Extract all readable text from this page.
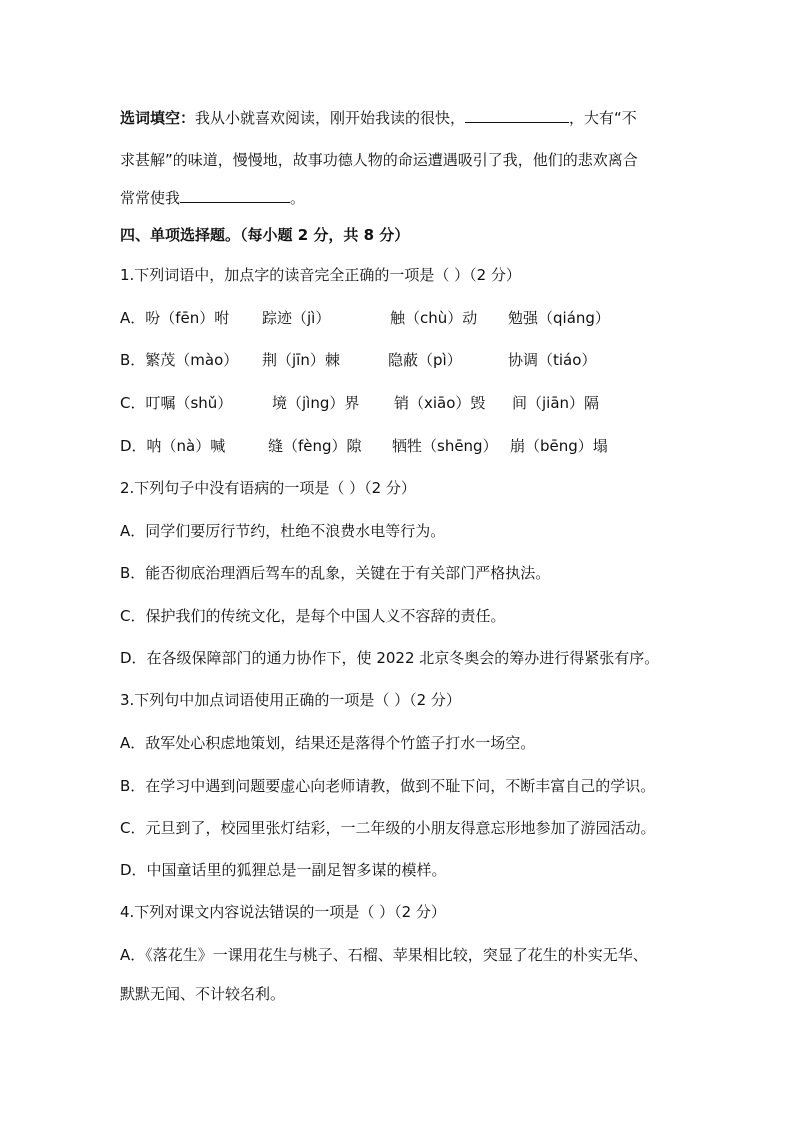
选词填空：我从小就喜欢阅读，刚开始我读的很快，	，大有“不
求甚解”的味道，慢慢地，故事功德人物的命运遭遇吸引了我，他们的悲欢离合
常常使我	。
四、单项选择题。（每小题 2 分，共 8 分）
1.下列词语中，加点字的读音完全正确的一项是（ ）（2 分）
A．吩（fēn）咐 踪迹（jì）	触（chù）动 勉强（qiáng）
B．繁茂（mào） 荆（jīn）棘	隐蔽（pì）	协调（tiáo）
C．叮嘱（shǔ）	境（jìng）界 销（xiāo）毁 间（jiān）隔
D．呐（nà）喊	缝（fèng）隙 牺牲（shēng） 崩（bēng）塌
2.下列句子中没有语病的一项是（ ）（2 分）
A．同学们要厉行节约，杜绝不浪费水电等行为。
B．能否彻底治理酒后驾车的乱象，关键在于有关部门严格执法。
C．保护我们的传统文化，是每个中国人义不容辞的责任。
D．在各级保障部门的通力协作下，使 2022 北京冬奥会的筹办进行得紧张有序。
3.下列句中加点词语使用正确的一项是（ ）（2 分）
A．敌军处心积虑地策划，结果还是落得个竹篮子打水一场空。
B．在学习中遇到问题要虚心向老师请教，做到不耻下问，不断丰富自己的学识。
C．元旦到了，校园里张灯结彩，一二年级的小朋友得意忘形地参加了游园活动。
D．中国童话里的狐狸总是一副足智多谋的模样。
4.下列对课文内容说法错误的一项是（ ）（2 分）
A．《落花生》一课用花生与桃子、石榴、苹果相比较，突显了花生的朴实无华、
默默无闻、不计较名利。
